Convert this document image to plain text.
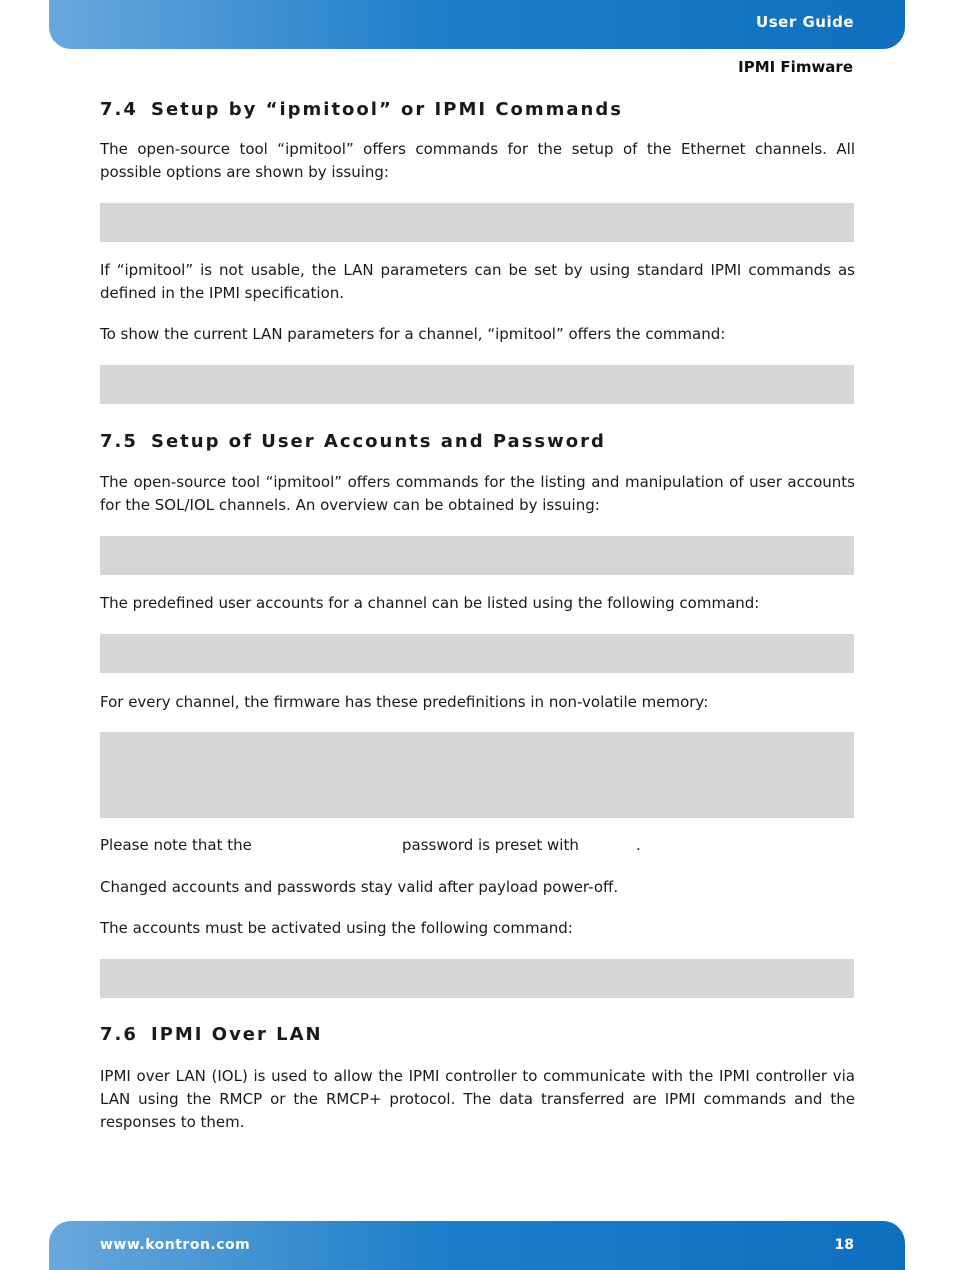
User Guide
IPMI Fimware
7.4 Setup by “ipmitool” or IPMI Commands

The open-source tool “ipmitool” offers commands for the setup of the Ethernet channels. All possible options are shown by issuing:

If “ipmitool” is not usable, the LAN parameters can be set by using standard IPMI commands as defined in the IPMI specification.

To show the current LAN parameters for a channel, “ipmitool” offers the command:

7.5 Setup of User Accounts and Password

The open-source tool “ipmitool” offers commands for the listing and manipulation of user accounts for the SOL/IOL channels. An overview can be obtained by issuing:

The predefined user accounts for a channel can be listed using the following command:

For every channel, the firmware has these predefinitions in non-volatile memory:

Please note that the	password is preset with	.

Changed accounts and passwords stay valid after payload power-off.

The accounts must be activated using the following command:

7.6 IPMI Over LAN

IPMI over LAN (IOL) is used to allow the IPMI controller to communicate with the IPMI controller via LAN using the RMCP or the RMCP+ protocol. The data transferred are IPMI commands and the responses to them.

www.kontron.com	18
